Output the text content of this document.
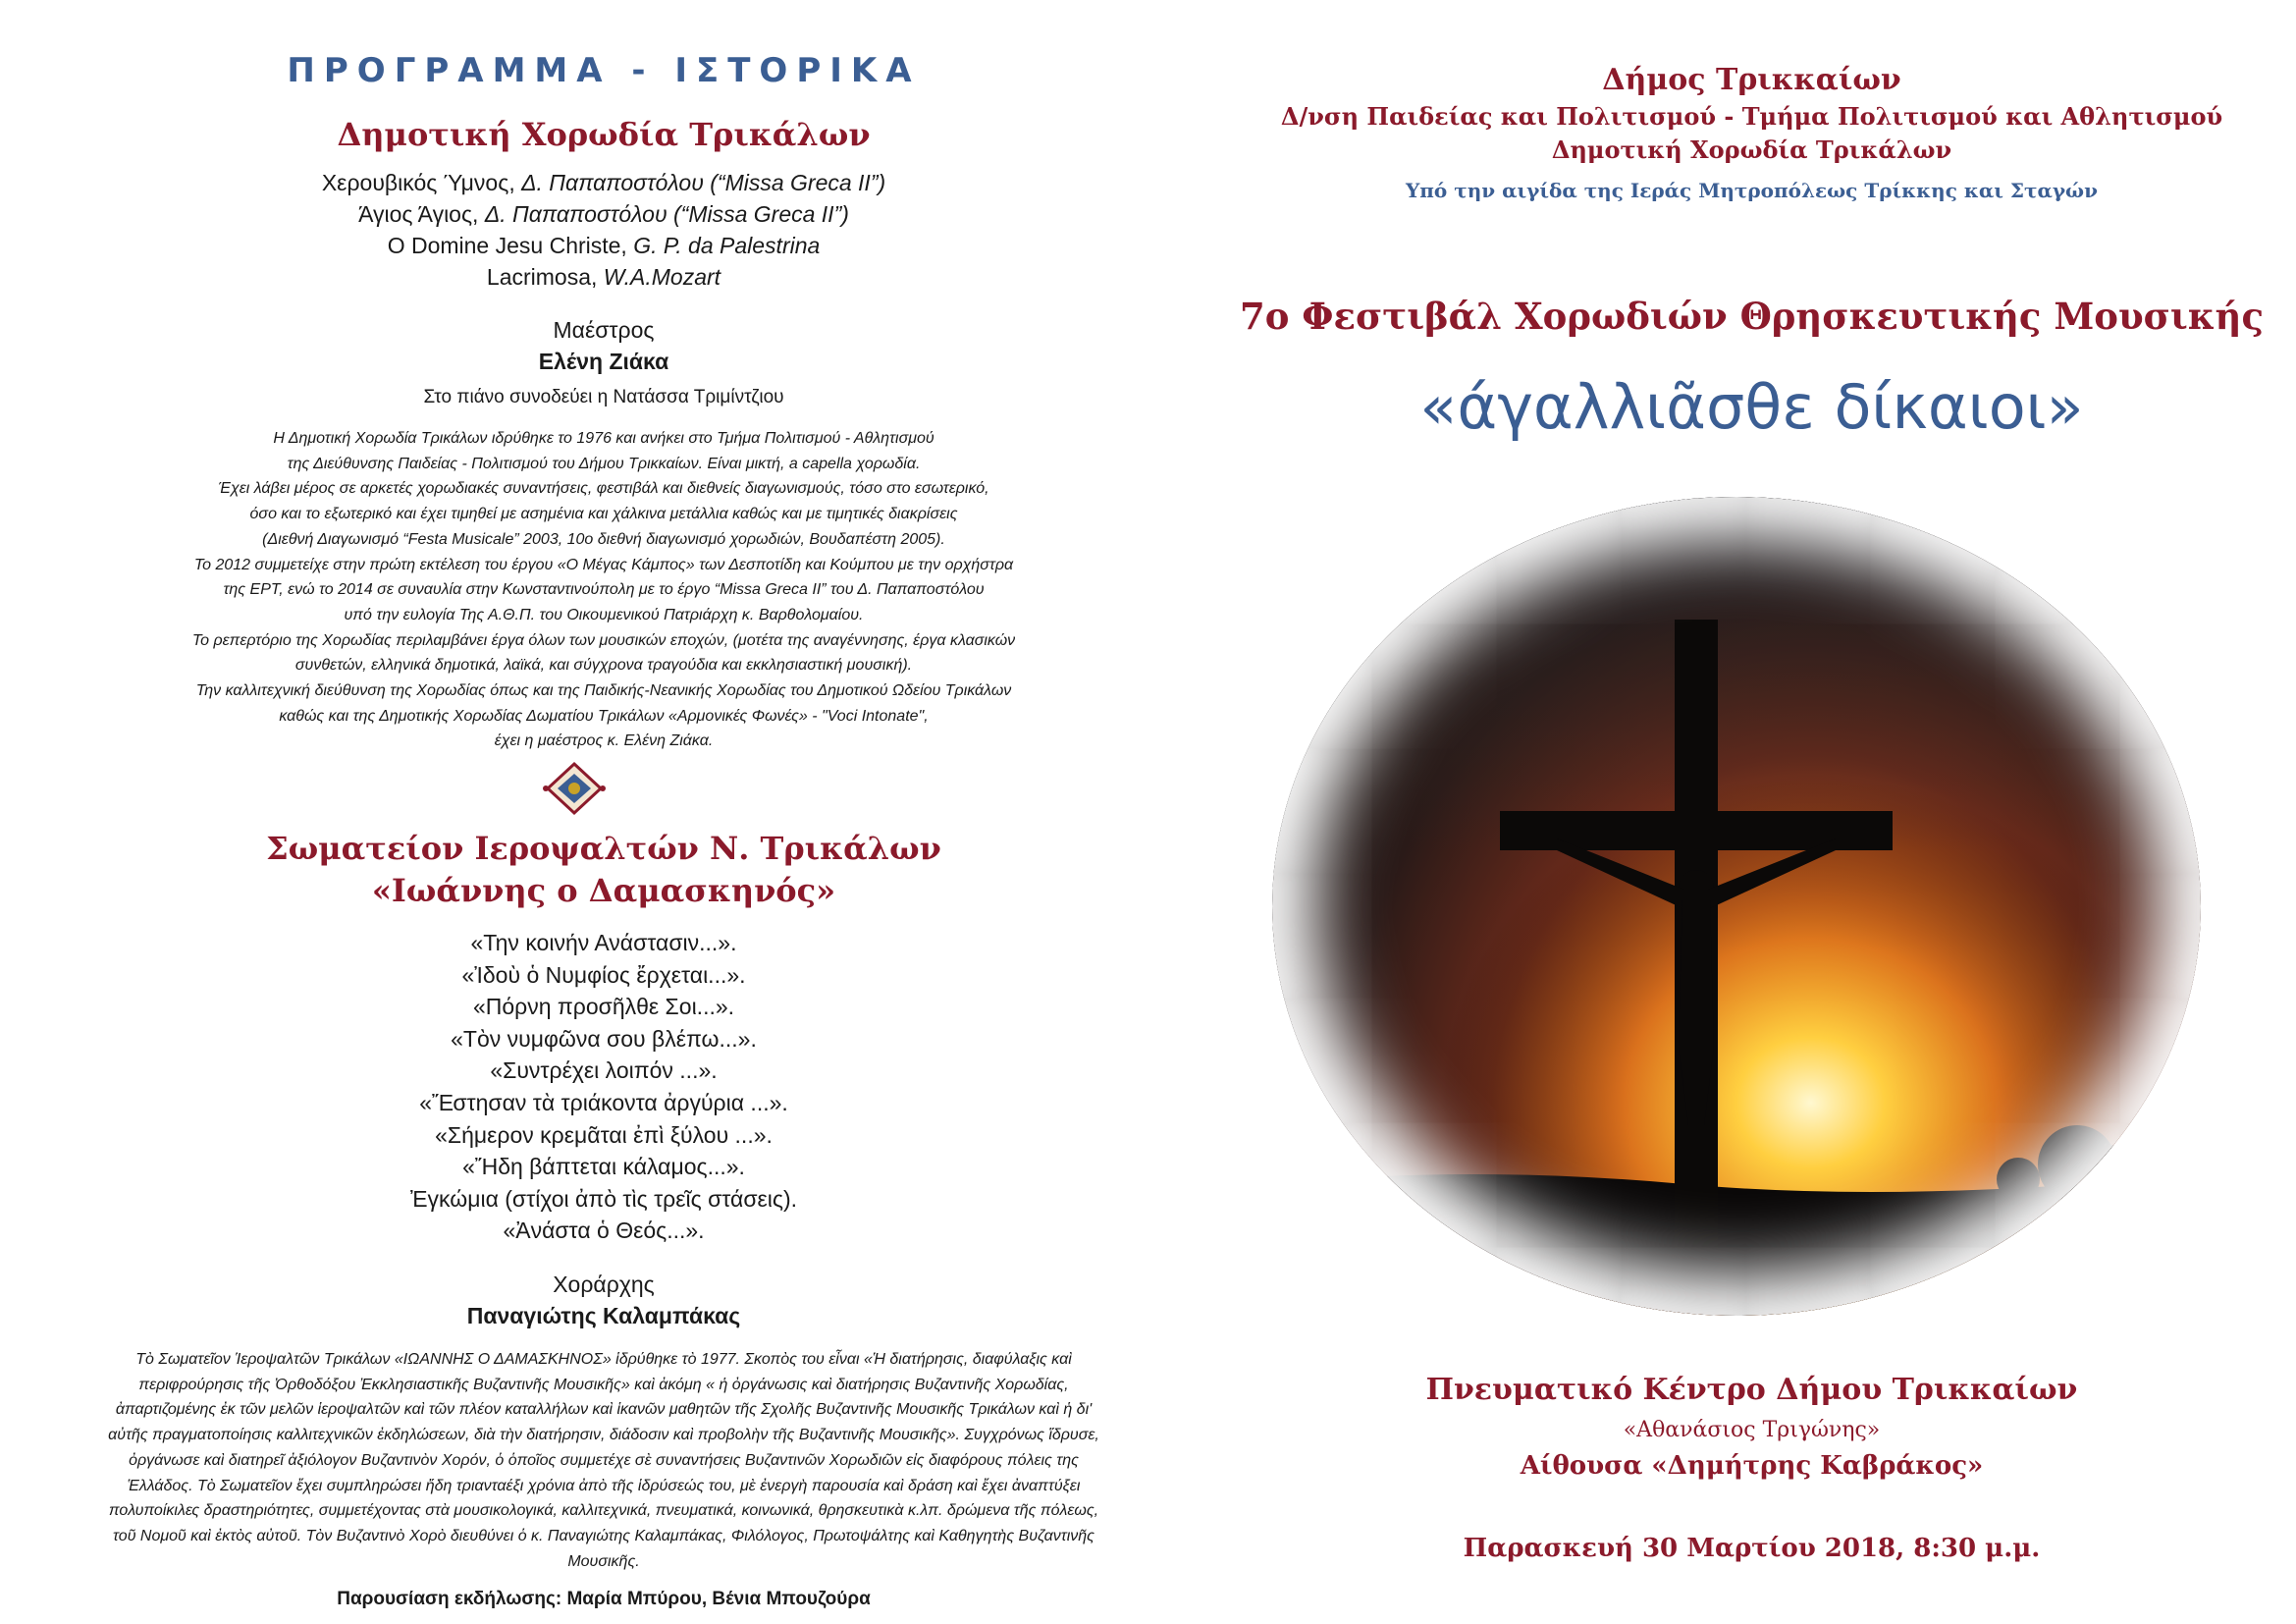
ΠΡΟΓΡΑΜΜΑ - ΙΣΤΟΡΙΚΑ
Δημοτική Χορωδία Τρικάλων
Χερουβικός Ύμνος, Δ. Παπαποστόλου (“Missa Greca II”)
Άγιος Άγιος, Δ. Παπαποστόλου (“Missa Greca II”)
O Domine Jesu Christe, G. P. da Palestrina
Lacrimosa, W.A.Mozart
Μαέστρος
Ελένη Ζιάκα
Στο πιάνο συνοδεύει η Νατάσσα Τριμίντζιου
Η Δημοτική Χορωδία Τρικάλων ιδρύθηκε το 1976 και ανήκει στο Τμήμα Πολιτισμού - Αθλητισμού
της Διεύθυνσης Παιδείας - Πολιτισμού του Δήμου Τρικκαίων. Είναι μικτή, a capella χορωδία.
Έχει λάβει μέρος σε αρκετές χορωδιακές συναντήσεις, φεστιβάλ και διεθνείς διαγωνισμούς, τόσο στο εσωτερικό,
όσο και το εξωτερικό και έχει τιμηθεί με ασημένια και χάλκινα μετάλλια καθώς και με τιμητικές διακρίσεις
(Διεθνή Διαγωνισμό “Festa Musicale” 2003, 10ο διεθνή διαγωνισμό χορωδιών, Βουδαπέστη 2005).
Το 2012 συμμετείχε στην πρώτη εκτέλεση του έργου «Ο Μέγας Κάμπος» των Δεσποτίδη και Κούμπου με την ορχήστρα
της ΕΡΤ, ενώ το 2014 σε συναυλία στην Κωνσταντινούπολη με το έργο “Missa Greca II” του Δ. Παπαποστόλου
υπό την ευλογία Της Α.Θ.Π. του Οικουμενικού Πατριάρχη κ. Βαρθολομαίου.
Το ρεπερτόριο της Χορωδίας περιλαμβάνει έργα όλων των μουσικών εποχών, (μοτέτα της αναγέννησης, έργα κλασικών
συνθετών, ελληνικά δημοτικά, λαϊκά, και σύγχρονα τραγούδια και εκκλησιαστική μουσική).
Την καλλιτεχνική διεύθυνση της Χορωδίας όπως και της Παιδικής-Νεανικής Χορωδίας του Δημοτικού Ωδείου Τρικάλων
καθώς και της Δημοτικής Χορωδίας Δωματίου Τρικάλων «Αρμονικές Φωνές» - "Voci Intonate",
έχει η μαέστρος κ. Ελένη Ζιάκα.
Σωματείον Ιεροψαλτών Ν. Τρικάλων
«Ιωάννης ο Δαμασκηνός»
«Την κοινήν Ανάστασιν...».
«Ἰδοὺ ὁ Νυμφίος ἔρχεται...».
«Πόρνη προσῆλθε Σοι...».
«Τὸν νυμφῶνα σου βλέπω...».
«Συντρέχει λοιπόν ...».
«Ἔστησαν τὰ τριάκοντα ἀργύρια ...».
«Σήμερον κρεμᾶται ἐπὶ ξύλου ...».
«Ἤδη βάπτεται κάλαμος...».
Ἐγκώμια (στίχοι ἀπὸ τὶς τρεῖς στάσεις).
«Ἀνάστα ὁ Θεός...».
Χοράρχης
Παναγιώτης Καλαμπάκας
Τὸ Σωματεῖον Ἱεροψαλτῶν Τρικάλων «ΙΩΑΝΝΗΣ Ο ΔΑΜΑΣΚΗΝΟΣ» ἱδρύθηκε τὸ 1977. Σκοπὸς του εἶναι «Ἡ διατήρησις, διαφύλαξις καὶ
περιφρούρησις τῆς Ὀρθοδόξου Ἐκκλησιαστικῆς Βυζαντινῆς Μουσικῆς» καὶ ἀκόμη « ἡ ὀργάνωσις καὶ διατήρησις Βυζαντινῆς Χορωδίας,
ἀπαρτιζομένης ἐκ τῶν μελῶν ἱεροψαλτῶν καὶ τῶν πλέον καταλλήλων καὶ ἱκανῶν μαθητῶν τῆς Σχολῆς Βυζαντινῆς Μουσικῆς Τρικάλων καὶ ἡ δι'
αὐτῆς πραγματοποίησις καλλιτεχνικῶν ἐκδηλώσεων, διὰ τὴν διατήρησιν, διάδοσιν καὶ προβολὴν τῆς Βυζαντινῆς Μουσικῆς». Συγχρόνως ἵδρυσε,
ὀργάνωσε καὶ διατηρεῖ ἀξιόλογον Βυζαντινὸν Χορόν, ὁ ὁποῖος συμμετέχε σὲ συναντήσεις Βυζαντινῶν Χορωδιῶν εἰς διαφόρους πόλεις της
Ἑλλάδος. Τὸ Σωματεῖον ἔχει συμπληρώσει ἤδη τριανταέξι χρόνια ἀπὸ τῆς ἱδρύσεώς του, μὲ ἐνεργὴ παρουσία καὶ δράση καὶ ἔχει ἀναπτύξει
πολυποίκιλες δραστηριότητες, συμμετέχοντας στὰ μουσικολογικά, καλλιτεχνικά, πνευματικά, κοινωνικά, θρησκευτικὰ κ.λπ. δρώμενα τῆς πόλεως,
τοῦ Νομοῦ καὶ ἐκτὸς αὐτοῦ. Τὸν Βυζαντινὸ Χορὸ διευθύνει ὁ κ. Παναγιώτης Καλαμπάκας, Φιλόλογος, Πρωτοψάλτης καὶ Καθηγητὴς Βυζαντινῆς
Μουσικῆς.
Παρουσίαση εκδήλωσης: Μαρία Μπύρου, Βένια Μπουζούρα
Δήμος Τρικκαίων
Δ/νση Παιδείας και Πολιτισμού - Τμήμα Πολιτισμού και Αθλητισμού
Δημοτική Χορωδία Τρικάλων
Υπό την αιγίδα της Ιεράς Μητροπόλεως Τρίκκης και Σταγών
7ο Φεστιβάλ Χορωδιών Θρησκευτικής Μουσικής
«άγαλλιᾶσθε δίκαιοι»
Πνευματικό Κέντρο Δήμου Τρικκαίων
«Αθανάσιος Τριγώνης»
Αίθουσα «Δημήτρης Καβράκος»
Παρασκευή 30 Μαρτίου 2018, 8:30 μ.μ.
